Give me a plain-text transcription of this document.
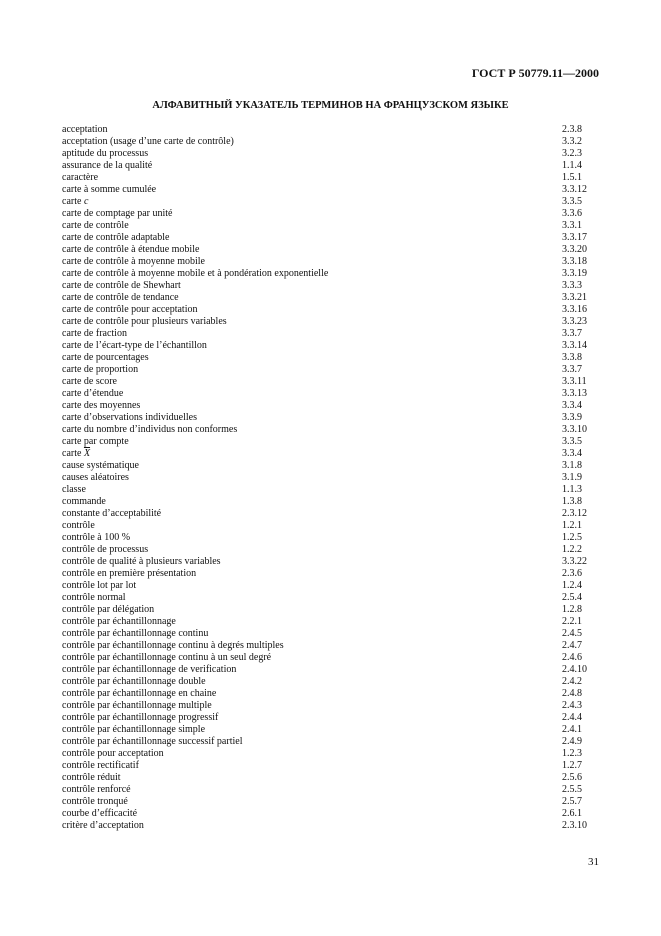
ГОСТ Р 50779.11—2000
АЛФАВИТНЫЙ УКАЗАТЕЛЬ ТЕРМИНОВ НА ФРАНЦУЗСКОМ ЯЗЫКЕ
acceptation	2.3.8
acceptation (usage d’une carte de contrôle)	3.3.2
aptitude du processus	3.2.3
assurance de la qualité	1.1.4
caractère	1.5.1
carte à somme cumulée	3.3.12
carte c	3.3.5
carte de comptage par unité	3.3.6
carte de contrôle	3.3.1
carte de contrôle adaptable	3.3.17
carte de contrôle à étendue mobile	3.3.20
carte de contrôle à moyenne mobile	3.3.18
carte de contrôle à moyenne mobile et à pondération exponentielle	3.3.19
carte de contrôle de Shewhart	3.3.3
carte de contrôle de tendance	3.3.21
carte de contrôle pour acceptation	3.3.16
carte de contrôle pour plusieurs variables	3.3.23
carte de fraction	3.3.7
carte de l’écart-type de l’échantillon	3.3.14
carte de pourcentages	3.3.8
carte de proportion	3.3.7
carte de score	3.3.11
carte d’étendue	3.3.13
carte des moyennes	3.3.4
carte d’observations individuelles	3.3.9
carte du nombre d’individus non conformes	3.3.10
carte par compte	3.3.5
carte $\overline{X}$	3.3.4
cause systématique	3.1.8
causes aléatoires	3.1.9
classe	1.1.3
commande	1.3.8
constante d’acceptabilité	2.3.12
contrôle	1.2.1
contrôle à 100 %	1.2.5
contrôle de processus	1.2.2
contrôle de qualité à plusieurs variables	3.3.22
contrôle en première présentation	2.3.6
contrôle lot par lot	1.2.4
contrôle normal	2.5.4
contrôle par délégation	1.2.8
contrôle par échantillonnage	2.2.1
contrôle par échantillonnage continu	2.4.5
contrôle par échantillonnage continu à degrés multiples	2.4.7
contrôle par échantillonnage continu à un seul degré	2.4.6
contrôle par échantillonnage de verification	2.4.10
contrôle par échantillonnage double	2.4.2
contrôle par échantillonnage en chaine	2.4.8
contrôle par échantillonnage multiple	2.4.3
contrôle par échantillonnage progressif	2.4.4
contrôle par échantillonnage simple	2.4.1
contrôle par échantillonnage successif partiel	2.4.9
contrôle pour acceptation	1.2.3
contrôle rectificatif	1.2.7
contrôle réduit	2.5.6
contrôle renforcé	2.5.5
contrôle tronqué	2.5.7
courbe d’efficacité	2.6.1
critère d’acceptation	2.3.10
31
